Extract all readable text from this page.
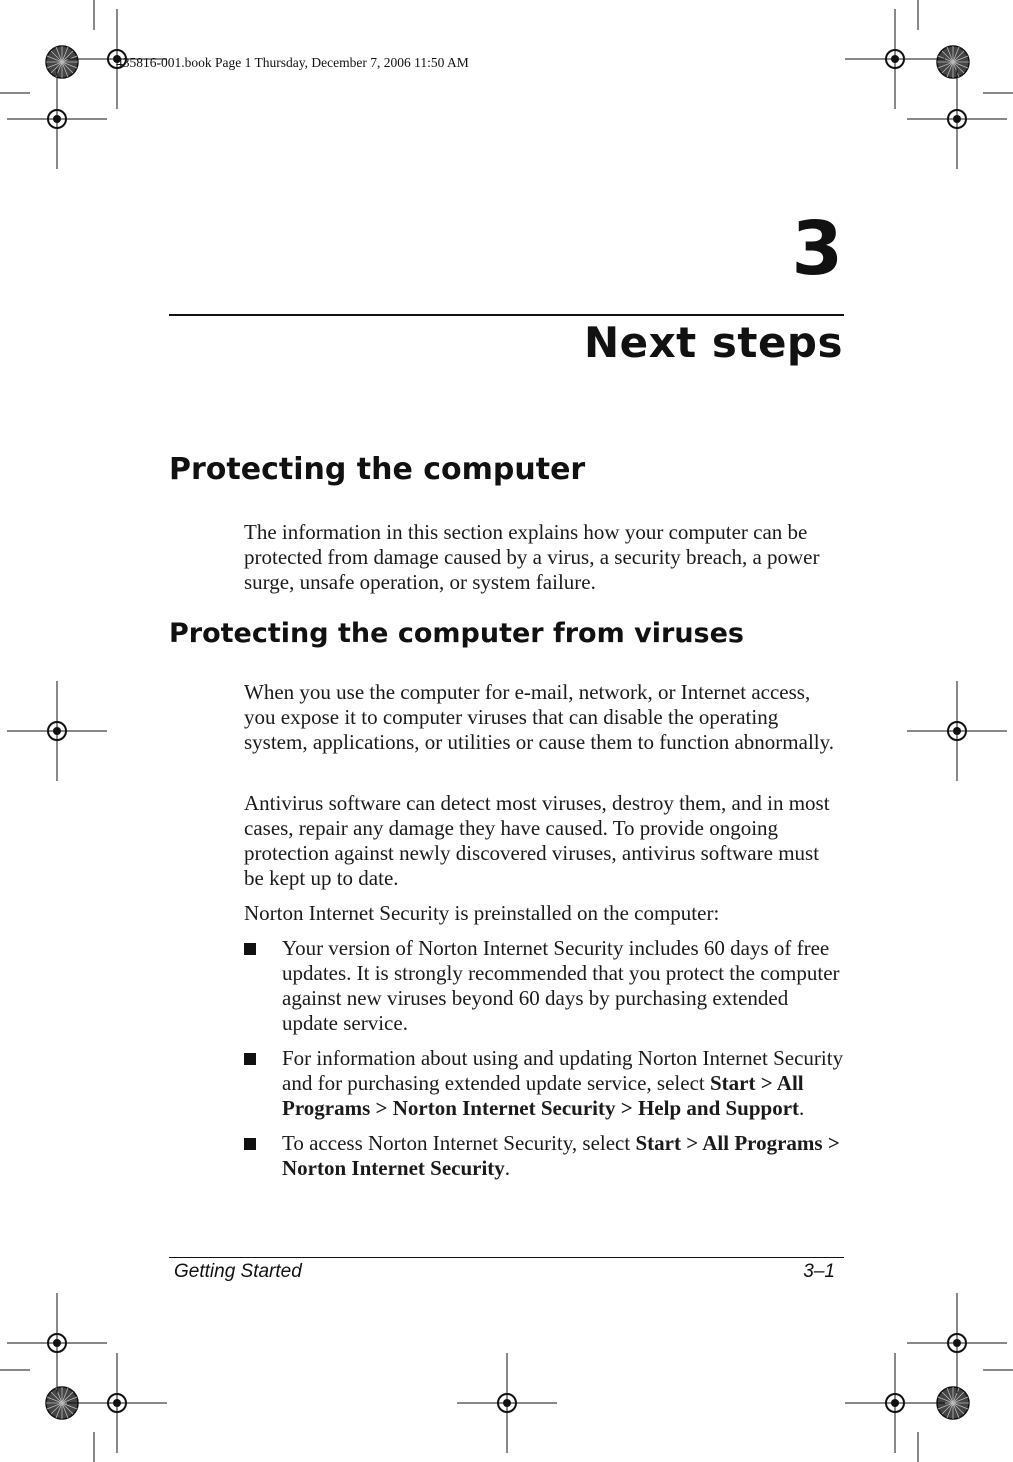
435816-001.book Page 1 Thursday, December 7, 2006 11:50 AM
3
Next steps
Protecting the computer

The information in this section explains how your computer can be protected from damage caused by a virus, a security breach, a power surge, unsafe operation, or system failure.

Protecting the computer from viruses

When you use the computer for e-mail, network, or Internet access, you expose it to computer viruses that can disable the operating system, applications, or utilities or cause them to function abnormally.

Antivirus software can detect most viruses, destroy them, and in most cases, repair any damage they have caused. To provide ongoing protection against newly discovered viruses, antivirus software must be kept up to date.

Norton Internet Security is preinstalled on the computer:

Your version of Norton Internet Security includes 60 days of free updates. It is strongly recommended that you protect the computer against new viruses beyond 60 days by purchasing extended update service.
For information about using and updating Norton Internet Security and for purchasing extended update service, select Start > All Programs > Norton Internet Security > Help and Support.
To access Norton Internet Security, select Start > All Programs > Norton Internet Security.
Getting Started	3–1
